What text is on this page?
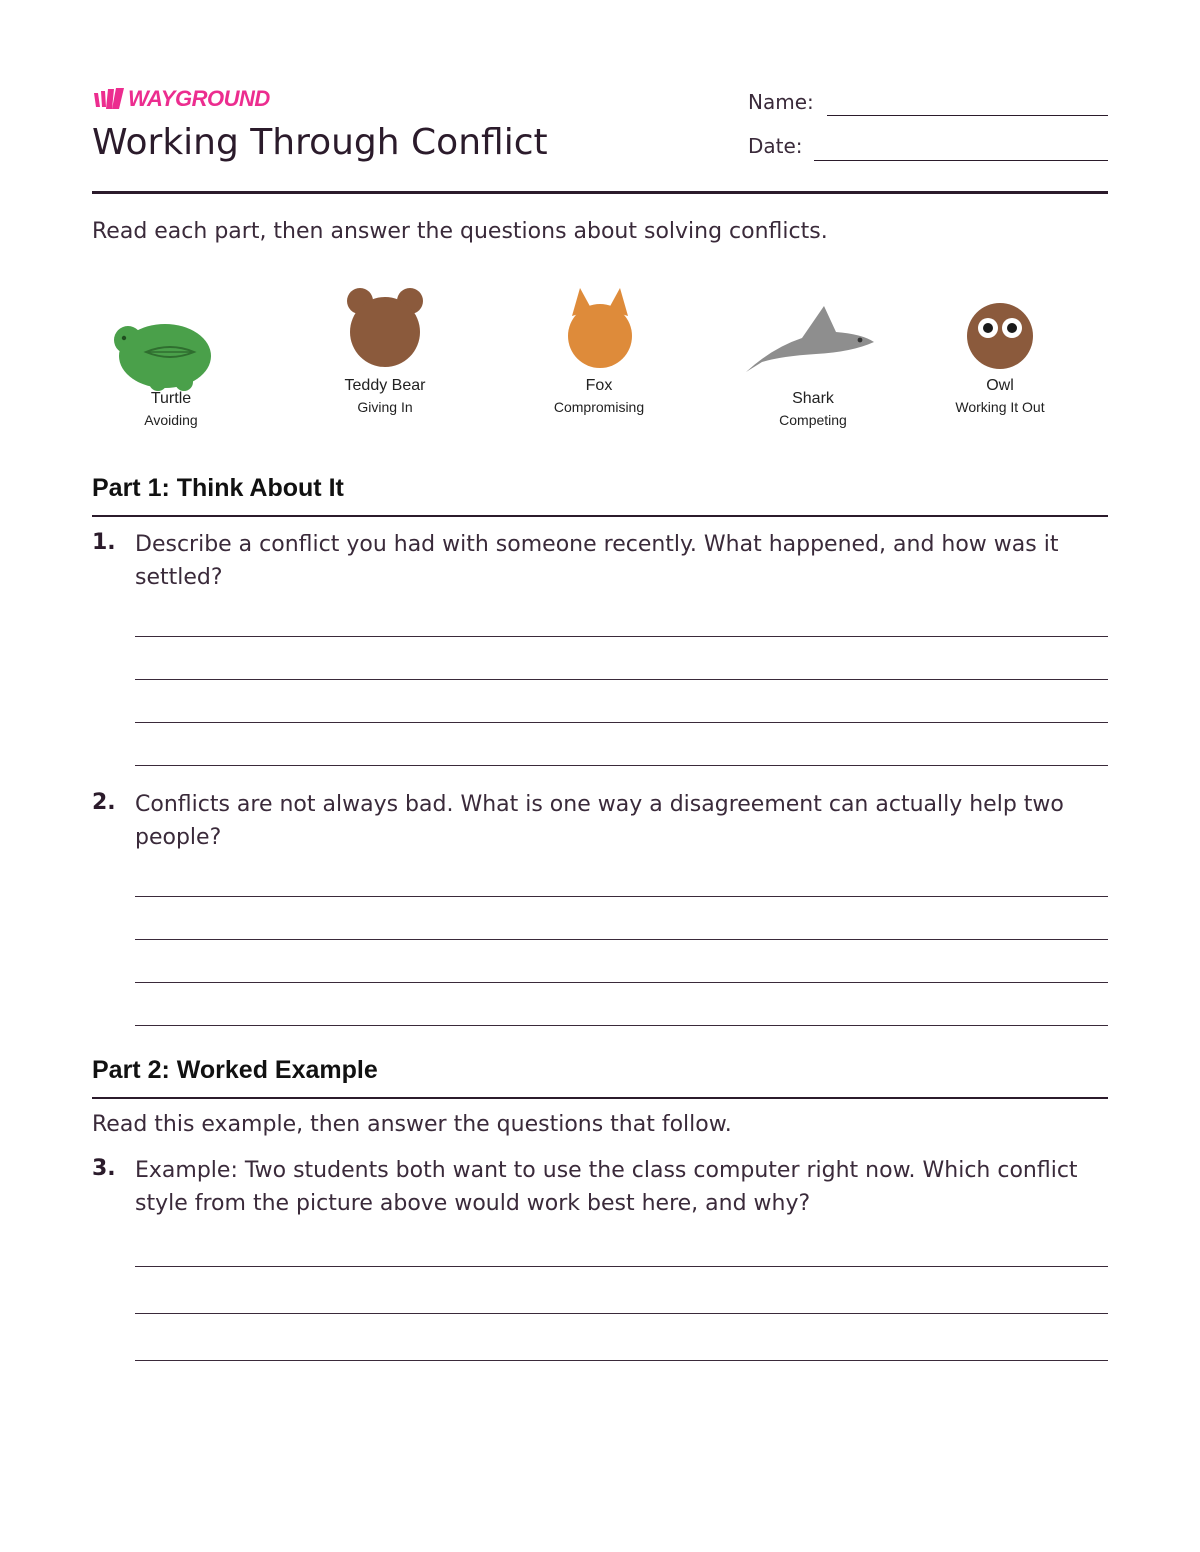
WAYGROUND
Working Through Conflict
Name:
Date:
Read each part, then answer the questions about solving conflicts.
Turtle
Avoiding
Teddy Bear
Giving In
Fox
Compromising	Shark
Competing
Owl
Working It Out
Part 1: Think About It
1. Describe a conflict you had with someone recently. What happened, and how was it settled?
2. Conflicts are not always bad. What is one way a disagreement can actually help two people?
Part 2: Worked Example
Read this example, then answer the questions that follow.
3. Example: Two students both want to use the class computer right now. Which conflict style from the picture above would work best here, and why?
